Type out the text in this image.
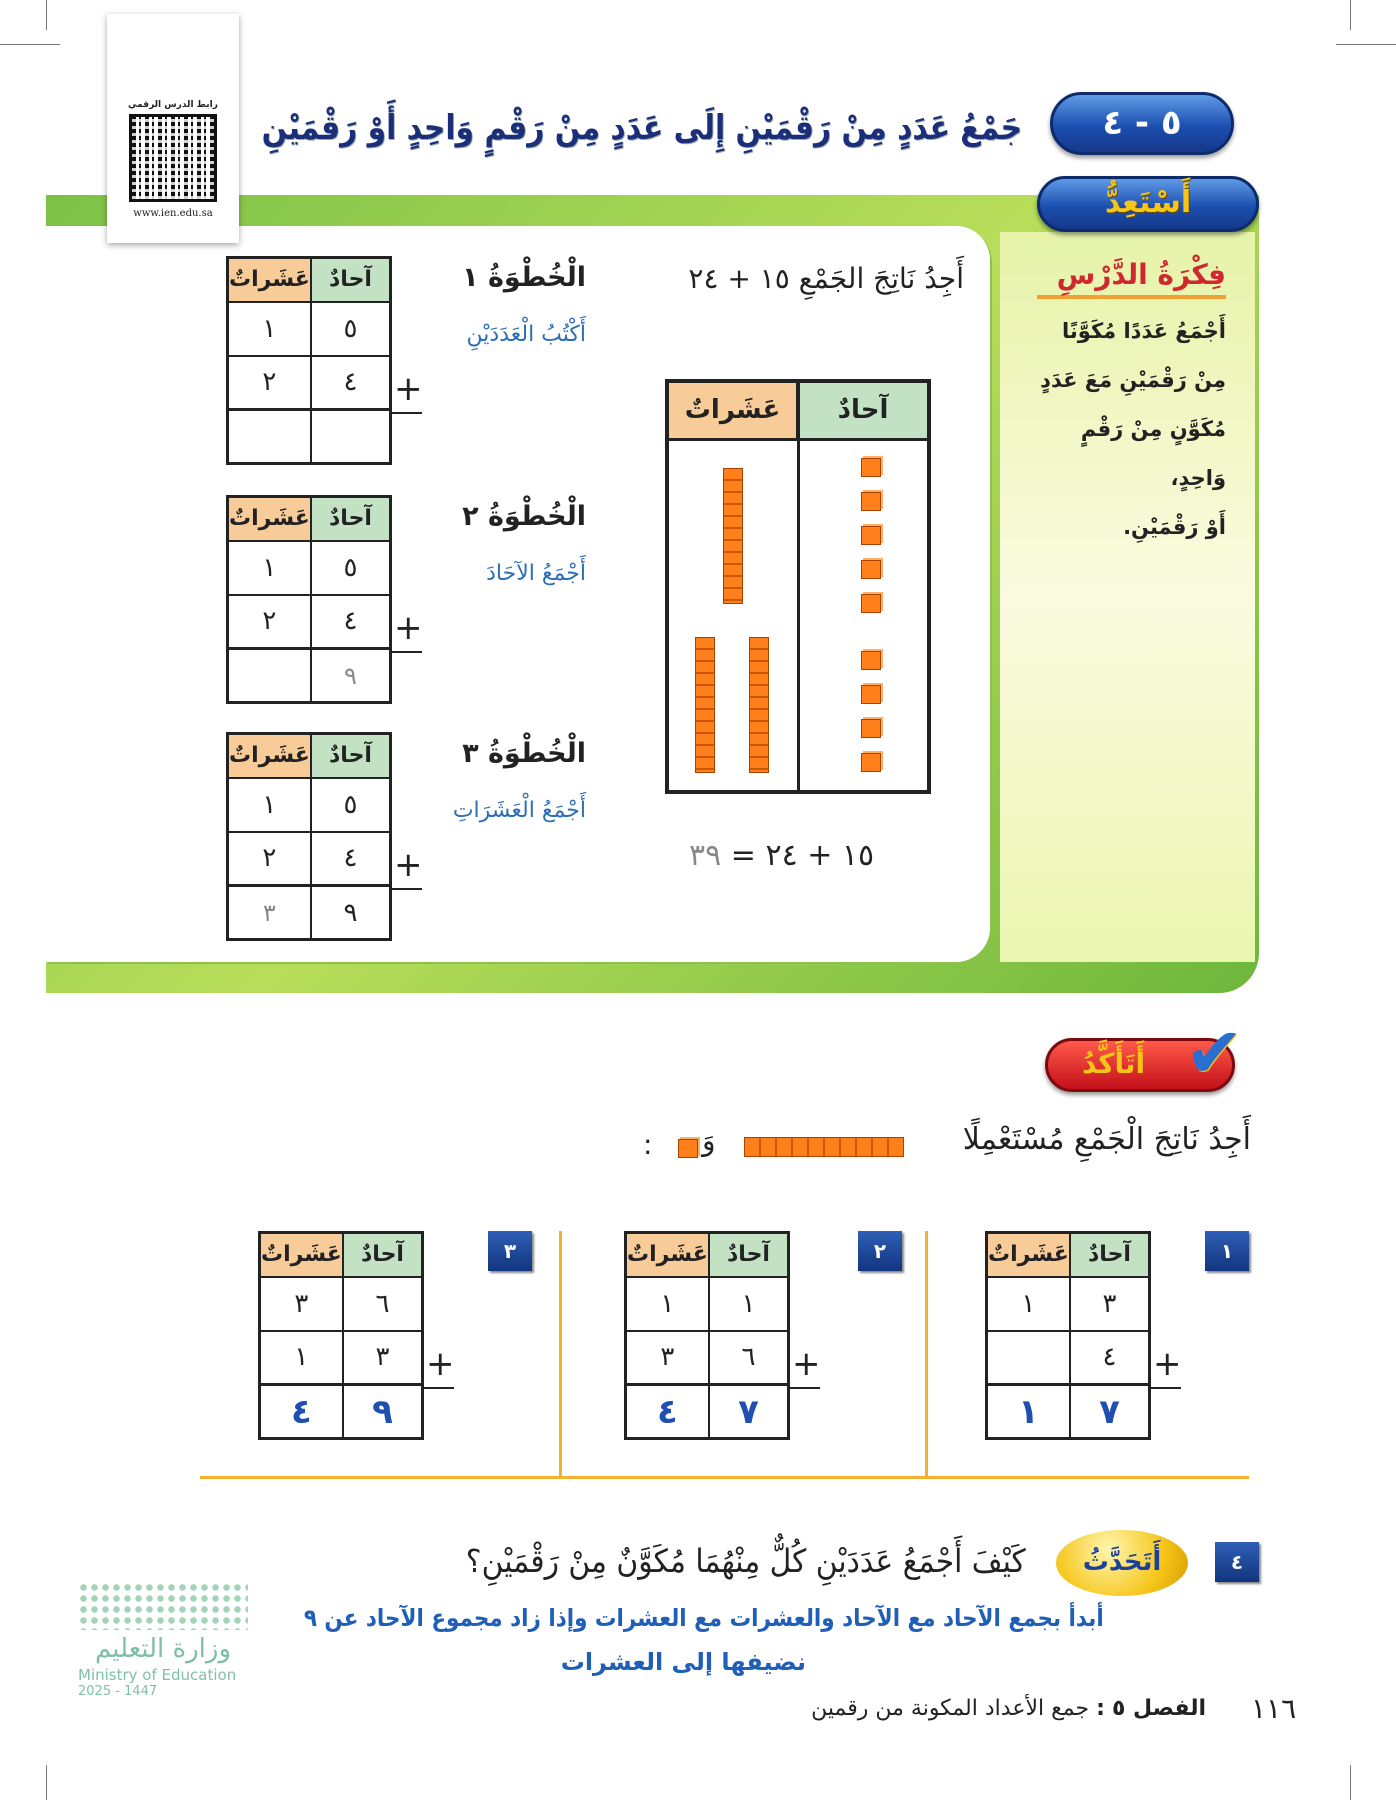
رابط الدرس الرقمي
www.ien.edu.sa
٥ - ٤
جَمْعُ عَدَدٍ مِنْ رَقْمَيْنِ إِلَى عَدَدٍ مِنْ رَقْمٍ وَاحِدٍ أَوْ رَقْمَيْنِ
أَسْتَعِدُّ
فِكْرَةُ الدَّرْسِ
أَجْمَعُ عَدَدًا مُكَوَّنًا
مِنْ رَقْمَيْنِ مَعَ عَدَدٍ
مُكَوَّنٍ مِنْ رَقْمٍ وَاحِدٍ،
أَوْ رَقْمَيْنِ.
أَجِدُ نَاتِجَ الجَمْعِ ١٥ + ٢٤
عَشَراتٌ	آحادٌ
١٥ + ٢٤ = ٣٩
أَتَأَكَّدُ ✔
أَجِدُ نَاتِجَ الْجَمْعِ مُسْتَعْمِلًا
وَ
:
٤
أَتَحَدَّثُ
كَيْفَ أَجْمَعُ عَدَدَيْنِ كُلٌّ مِنْهُمَا مُكَوَّنٌ مِنْ رَقْمَيْنِ؟
أبدأ بجمع الآحاد مع الآحاد والعشرات مع العشرات وإذا زاد مجموع الآحاد عن ٩
نضيفها إلى العشرات
وزارة التعليم
Ministry of Education
2025 - 1447
١١٦
الفصل ٥ : جمع الأعداد المكونة من رقمين
عَشَراتٌ	آحادٌ
١	٥
٢	٤
	+
الْخُطْوَةُ ١
أَكْتُبُ الْعَدَدَيْنِ
عَشَراتٌ	آحادٌ
١	٥
٢	٤
	٩
+
الْخُطْوَةُ ٢
أَجْمَعُ الآحَادَ
عَشَراتٌ	آحادٌ
١	٥
٢	٤
٣	٩
+
الْخُطْوَةُ ٣
أَجْمَعُ الْعَشَرَاتِ
عَشَراتٌ	آحادٌ
١	٣
	٤
١	٧
+
١
عَشَراتٌ	آحادٌ
١	١
٣	٦
٤	٧
+
٢
عَشَراتٌ	آحادٌ
٣	٦
١	٣
٤	٩
+
٣
